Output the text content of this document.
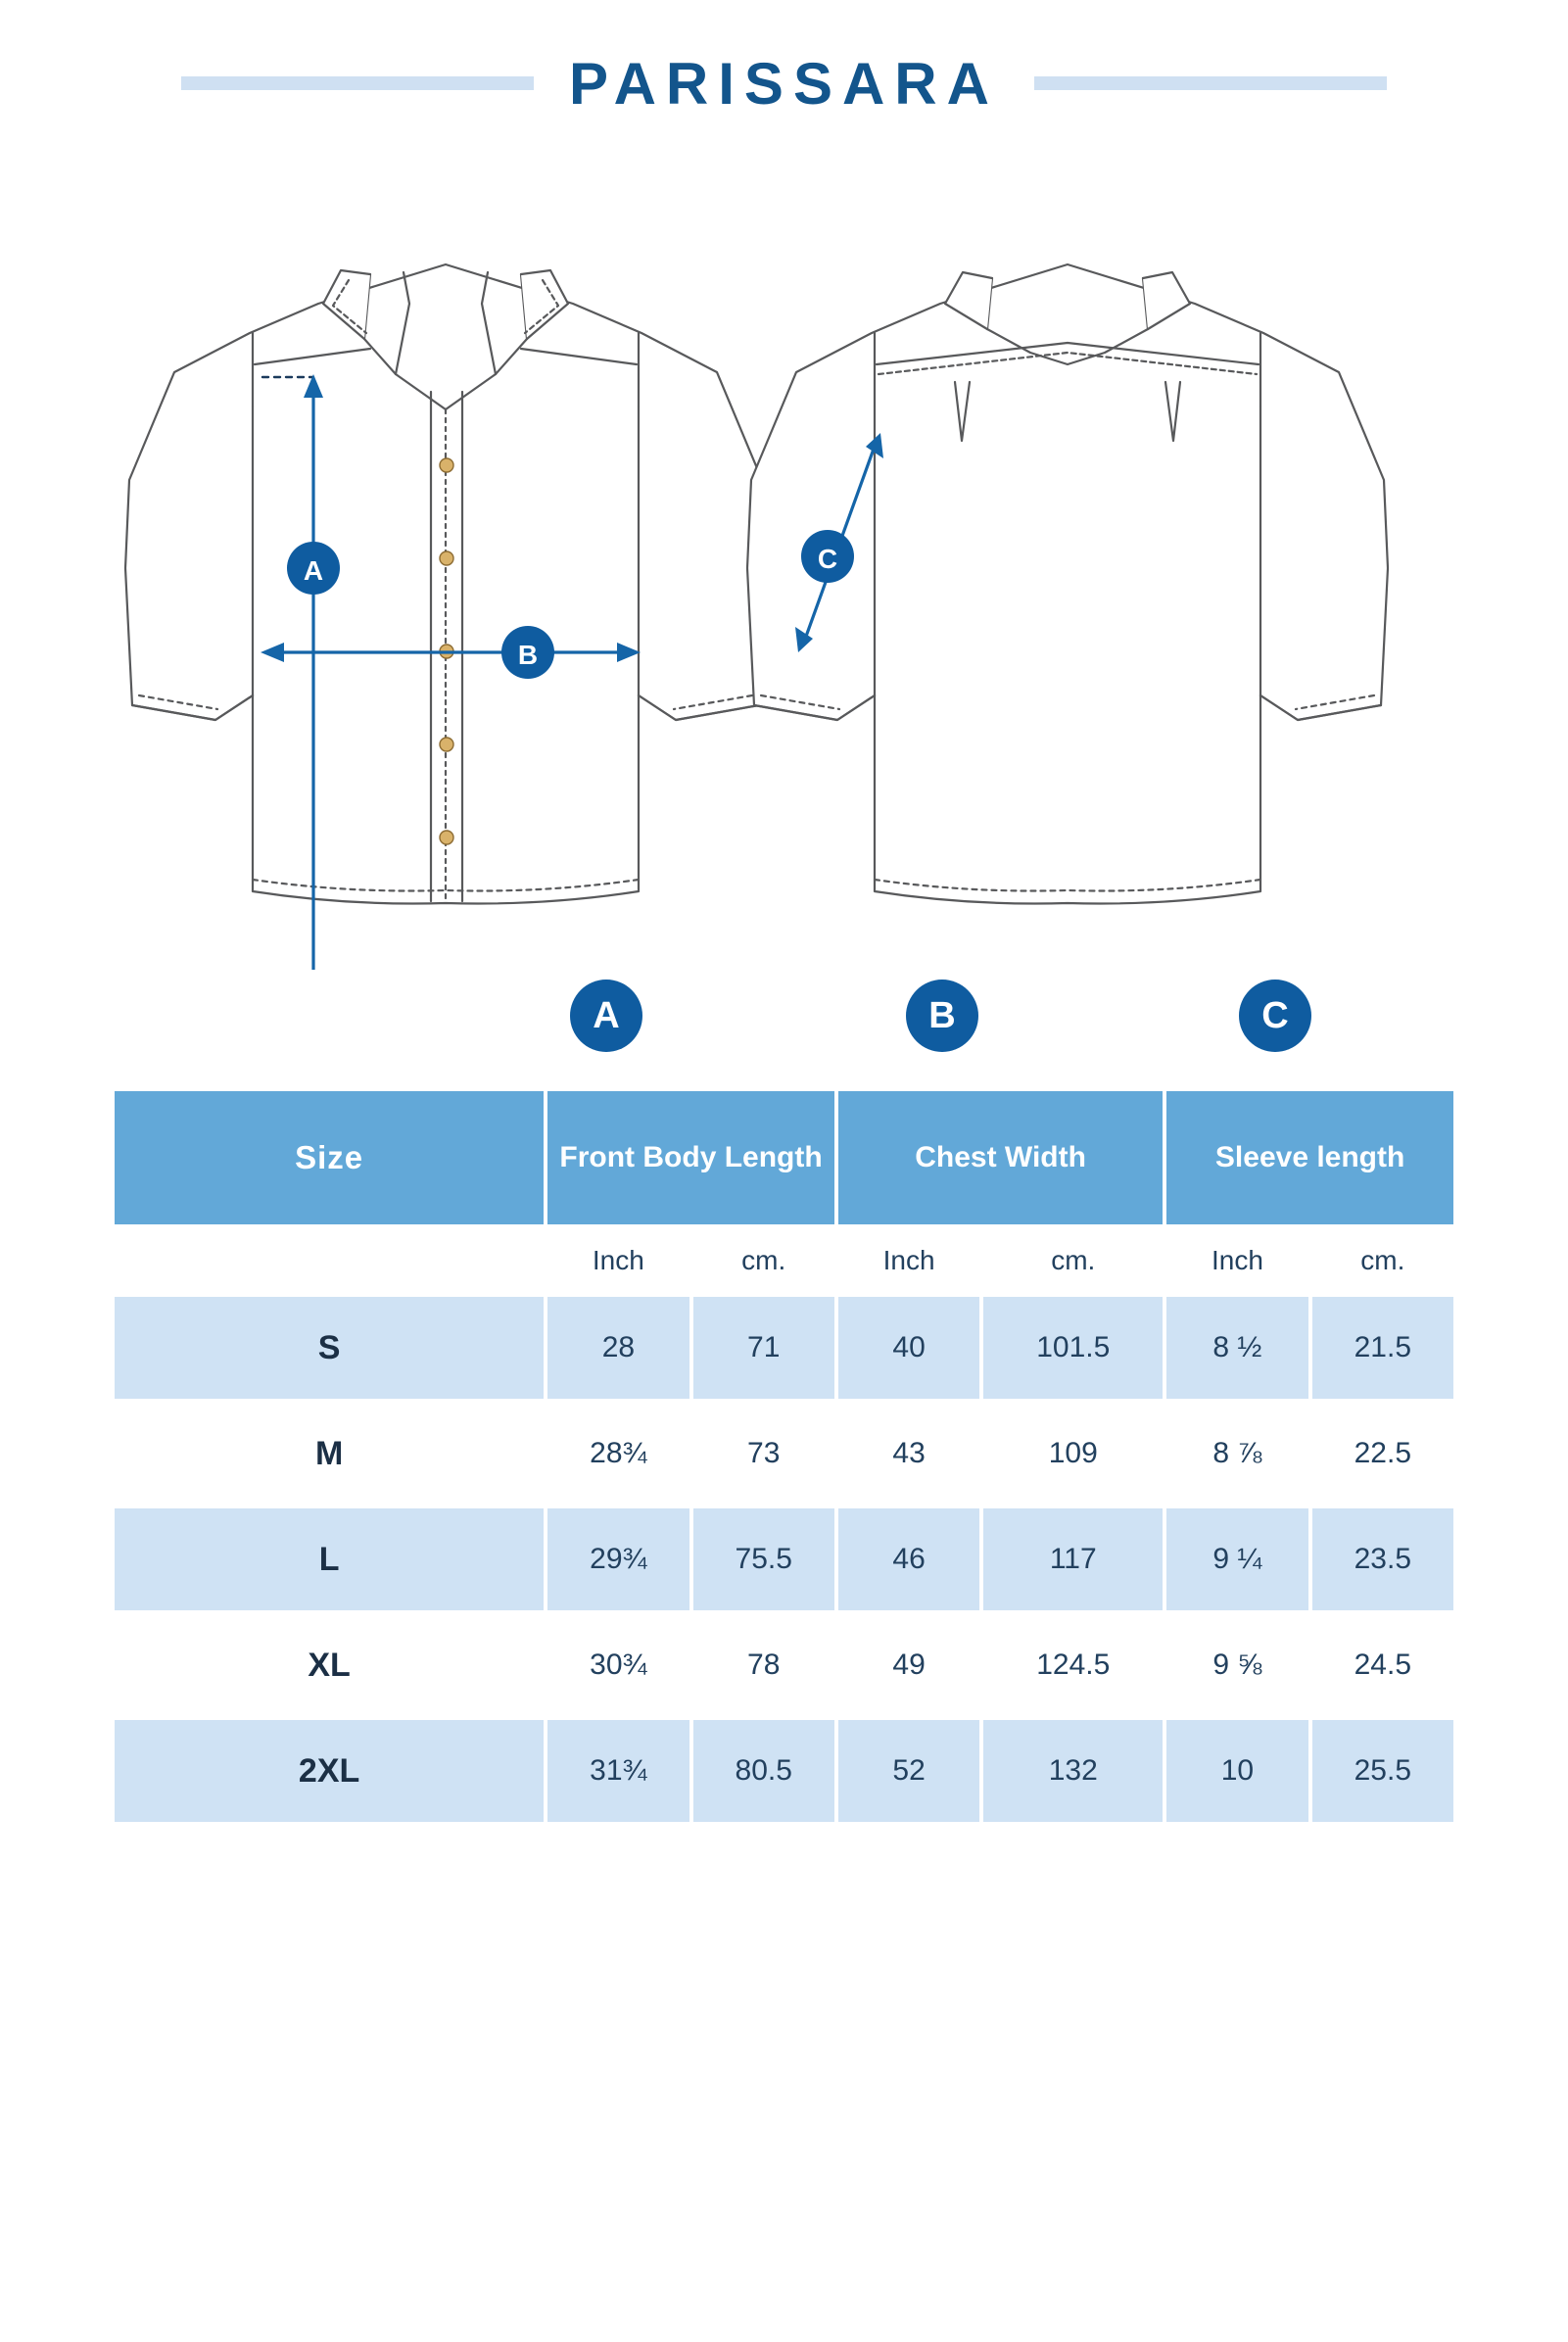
PARISSARA
A
B
C
A	B	C
Size	Front Body Length		Chest Width		Sleeve length	
	Inch	cm.	Inch	cm.	Inch	cm.
S	28	71	40	101.5	8 ½	21.5
M	28¾	73	43	109	8 ⅞	22.5
L	29¾	75.5	46	117	9 ¼	23.5
XL	30¾	78	49	124.5	9 ⅝	24.5
2XL	31¾	80.5	52	132	10	25.5
